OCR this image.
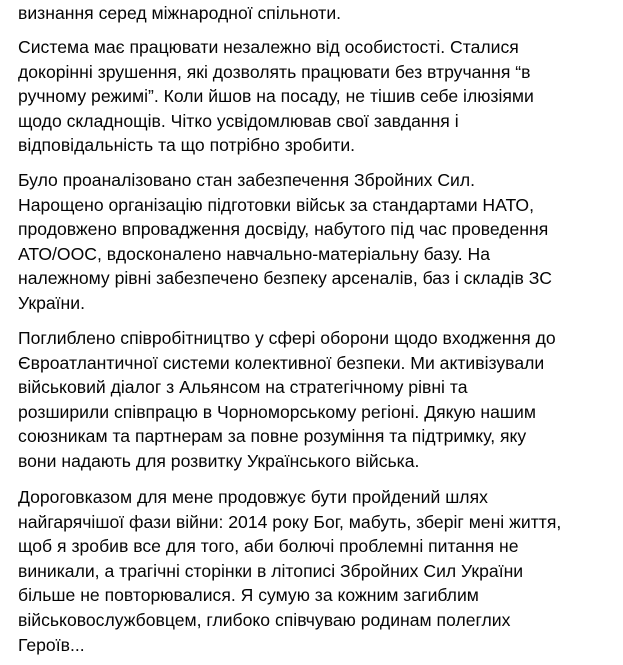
визнання серед міжнародної спільноти.
Система має працювати незалежно від особистості. Сталися
докорінні зрушення, які дозволять працювати без втручання “в
ручному режимі”. Коли йшов на посаду, не тішив себе ілюзіями
щодо складнощів. Чітко усвідомлював свої завдання і
відповідальність та що потрібно зробити.
Було проаналізовано стан забезпечення Збройних Сил.
Нарощено організацію підготовки військ за стандартами НАТО,
продовжено впровадження досвіду, набутого під час проведення
АТО/ООС, вдосконалено навчально-матеріальну базу. На
належному рівні забезпечено безпеку арсеналів, баз і складів ЗС
України.
Поглиблено співробітництво у сфері оборони щодо входження до
Євроатлантичної системи колективної безпеки. Ми активізували
військовий діалог з Альянсом на стратегічному рівні та
розширили співпрацю в Чорноморському регіоні. Дякую нашим
союзникам та партнерам за повне розуміння та підтримку, яку
вони надають для розвитку Українського війська.
Дороговказом для мене продовжує бути пройдений шлях
найгарячішої фази війни: 2014 року Бог, мабуть, зберіг мені життя,
щоб я зробив все для того, аби болючі проблемні питання не
виникали, а трагічні сторінки в літописі Збройних Сил України
більше не повторювалися. Я сумую за кожним загиблим
військовослужбовцем, глибоко співчуваю родинам полеглих
Героїв...
